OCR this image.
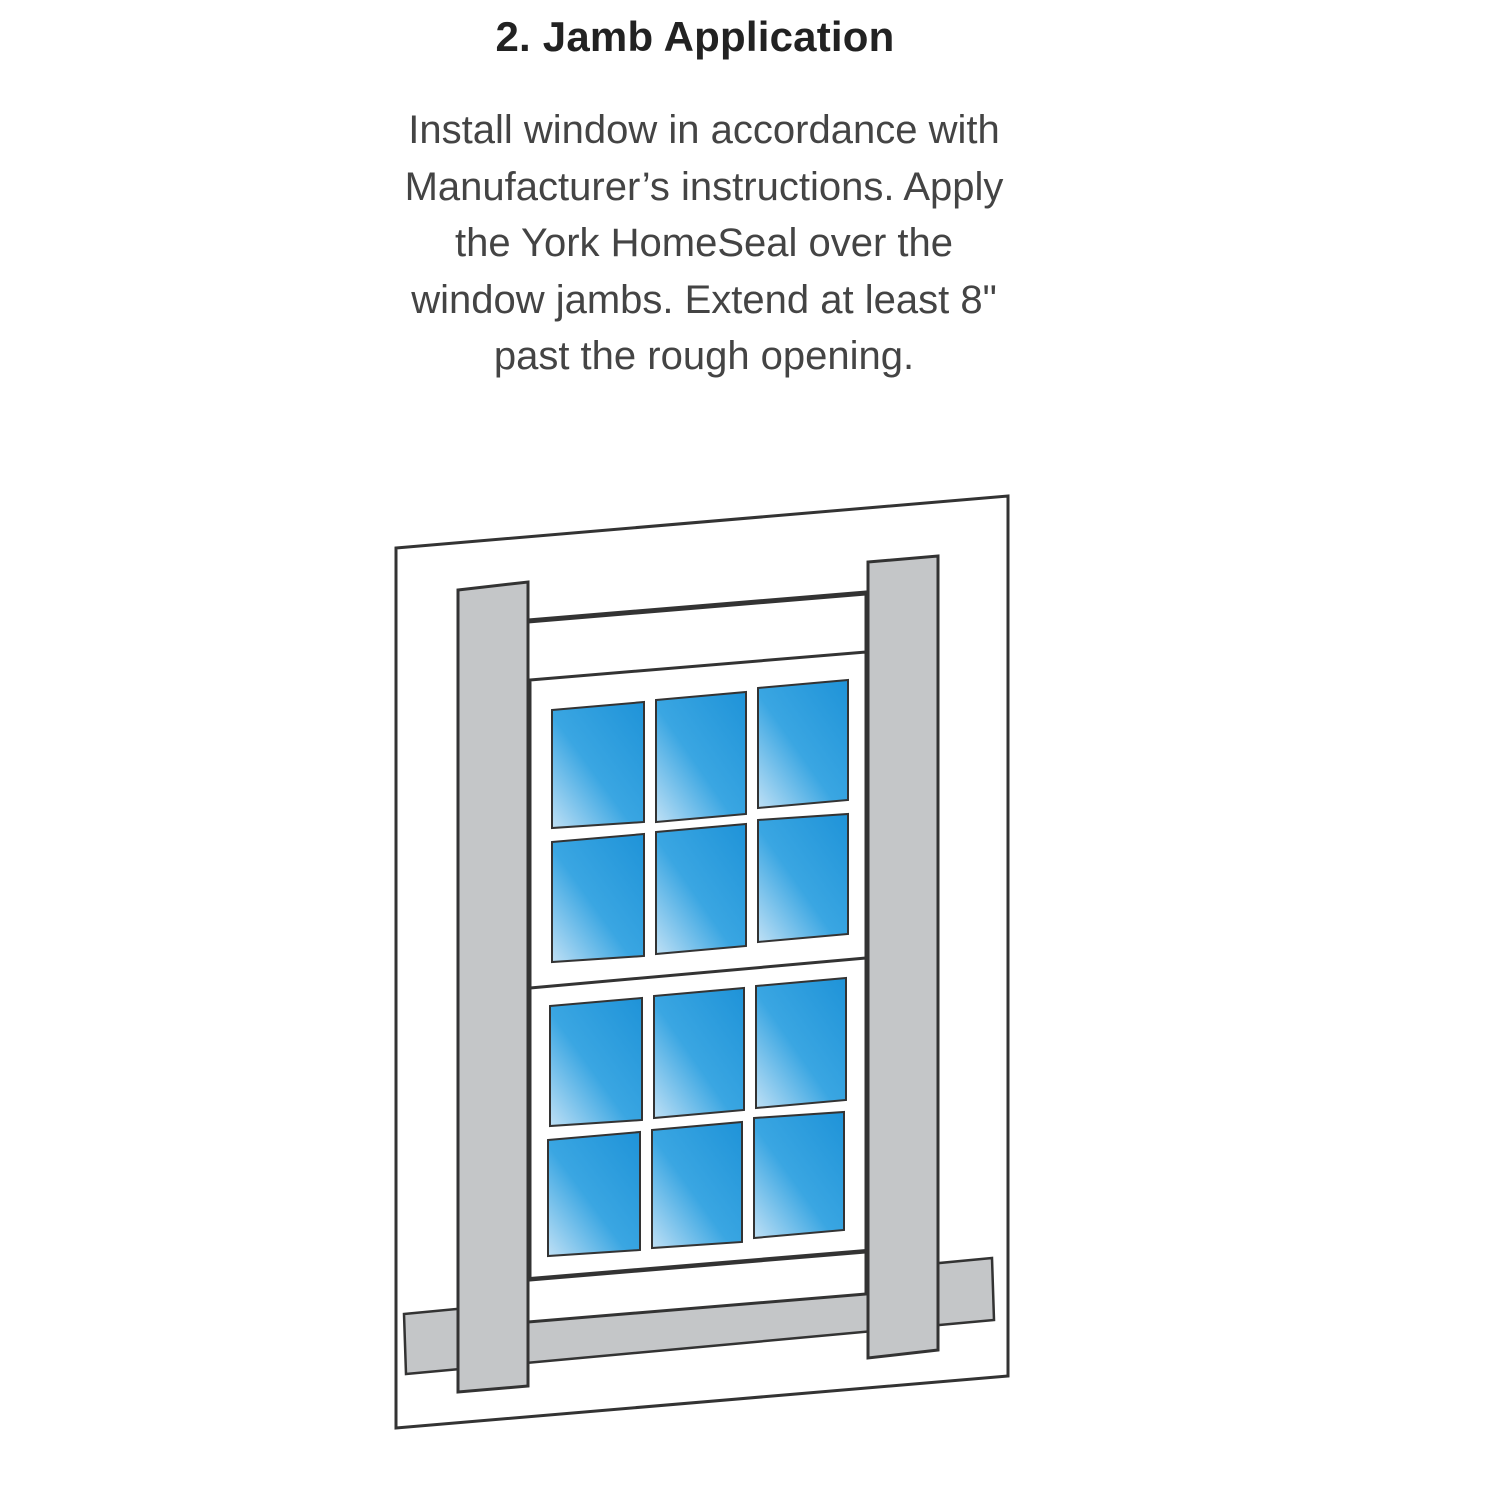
2. Jamb Application
Install window in accordance with
Manufacturer’s instructions. Apply
the York HomeSeal over the
window jambs. Extend at least 8"
past the rough opening.
